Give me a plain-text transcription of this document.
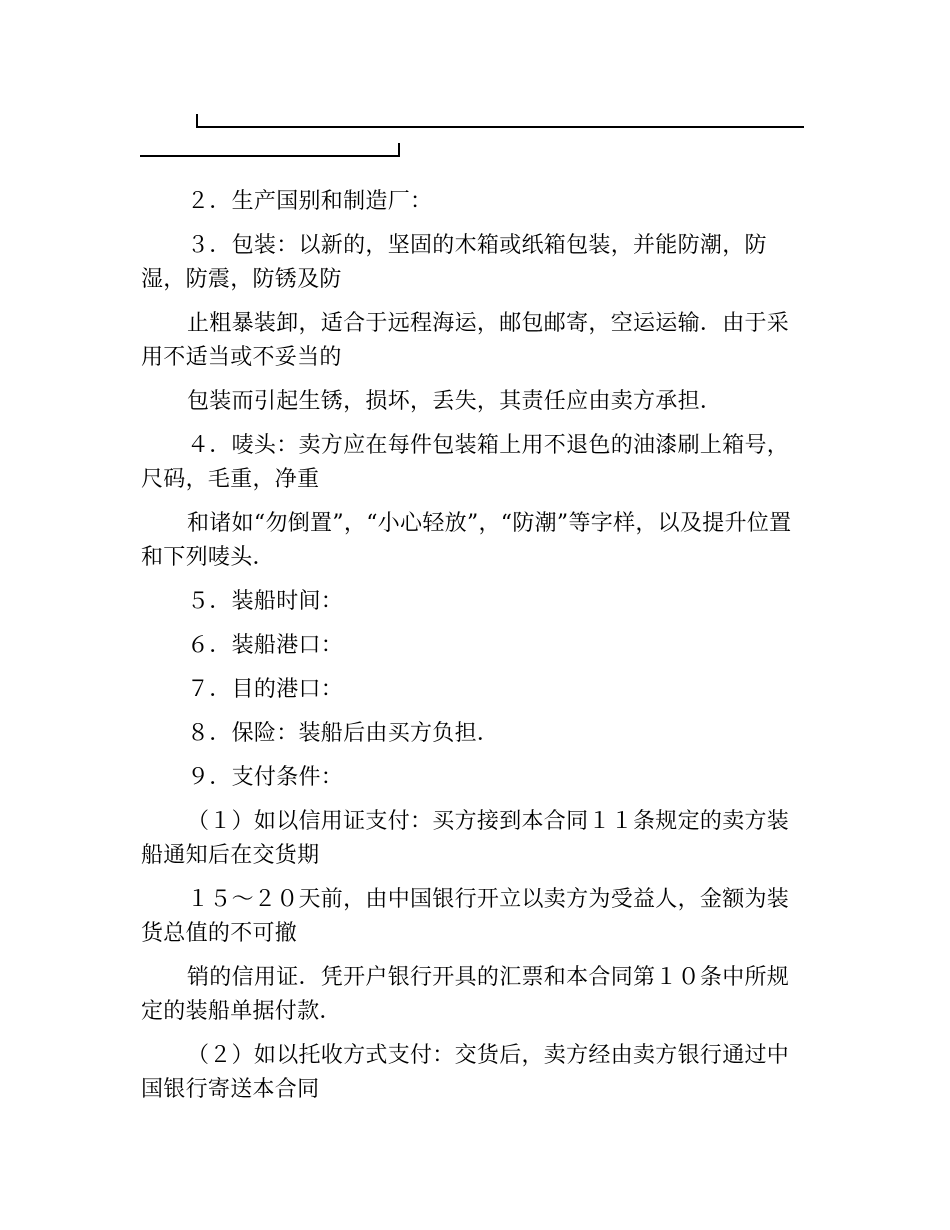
２．生产国别和制造厂：

３．包装：以新的，坚固的木箱或纸箱包装，并能防潮，防湿，防震，防锈及防

止粗暴装卸，适合于远程海运，邮包邮寄，空运运输．由于采用不适当或不妥当的

包装而引起生锈，损坏，丢失，其责任应由卖方承担．

４．唛头：卖方应在每件包装箱上用不退色的油漆刷上箱号，尺码，毛重，净重

和诸如“勿倒置”，“小心轻放”，“防潮”等字样，以及提升位置和下列唛头．

５．装船时间：

６．装船港口：

７．目的港口：

８．保险：装船后由买方负担．

９．支付条件：

（１）如以信用证支付：买方接到本合同１１条规定的卖方装船通知后在交货期

１５～２０天前，由中国银行开立以卖方为受益人，金额为装货总值的不可撤

销的信用证．凭开户银行开具的汇票和本合同第１０条中所规定的装船单据付款．

（２）如以托收方式支付：交货后，卖方经由卖方银行通过中国银行寄送本合同
